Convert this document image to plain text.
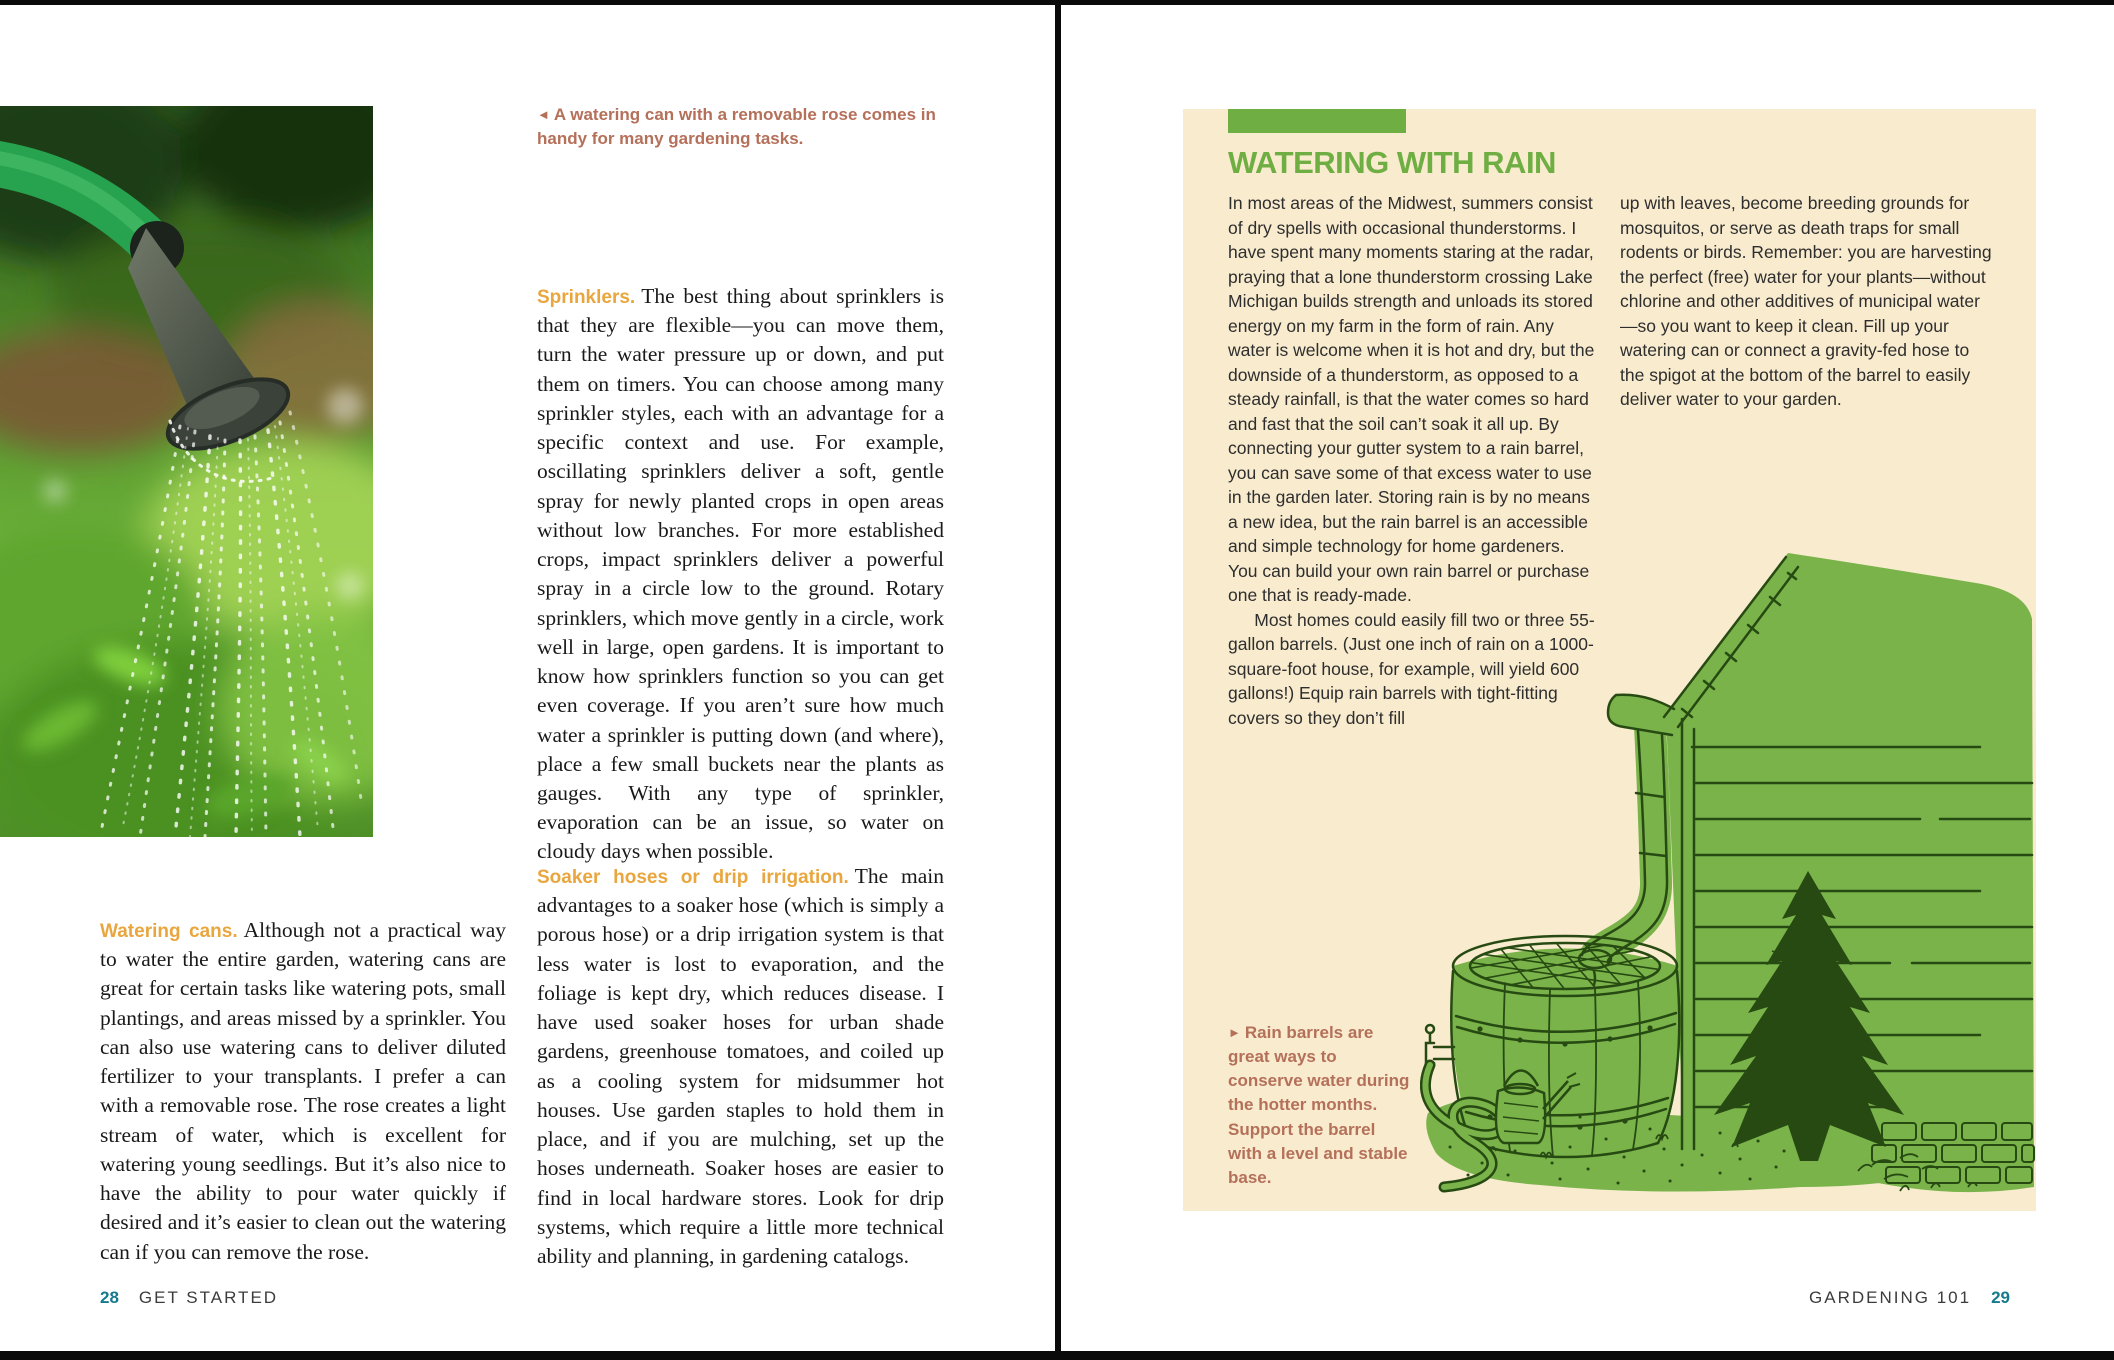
◄ A watering can with a removable rose comes in handy for many gardening tasks.

Sprinklers. The best thing about sprinklers is that they are flexible—you can move them, turn the water pressure up or down, and put them on timers. You can choose among many sprinkler styles, each with an advantage for a specific context and use. For example, oscillating sprinklers deliver a soft, gentle spray for newly planted crops in open areas without low branches. For more established crops, impact sprinklers deliver a powerful spray in a circle low to the ground. Rotary sprinklers, which move gently in a circle, work well in large, open gardens. It is important to know how sprinklers function so you can get even coverage. If you aren’t sure how much water a sprinkler is putting down (and where), place a few small buckets near the plants as gauges. With any type of sprinkler, evaporation can be an issue, so water on cloudy days when possible.

Soaker hoses or drip irrigation. The main advantages to a soaker hose (which is simply a porous hose) or a drip irrigation system is that less water is lost to evaporation, and the foliage is kept dry, which reduces disease. I have used soaker hoses for urban shade gardens, greenhouse tomatoes, and coiled up as a cooling system for midsummer hot houses. Use garden staples to hold them in place, and if you are mulching, set up the hoses underneath. Soaker hoses are easier to find in local hardware stores. Look for drip systems, which require a little more technical ability and planning, in gardening catalogs.

Watering cans. Although not a practical way to water the entire garden, watering cans are great for certain tasks like watering pots, small plantings, and areas missed by a sprinkler. You can also use watering cans to deliver diluted fertilizer to your transplants. I prefer a can with a removable rose. The rose creates a light stream of water, which is excellent for watering young seedlings. But it’s also nice to have the ability to pour water quickly if desired and it’s easier to clean out the watering can if you can remove the rose.

28 GET STARTED
WATERING WITH RAIN

In most areas of the Midwest, summers consist of dry spells with occasional thunderstorms. I have spent many moments staring at the radar, praying that a lone thunderstorm crossing Lake Michigan builds strength and unloads its stored energy on my farm in the form of rain. Any water is welcome when it is hot and dry, but the downside of a thunderstorm, as opposed to a steady rainfall, is that the water comes so hard and fast that the soil can’t soak it all up. By connecting your gutter system to a rain barrel, you can save some of that excess water to use in the garden later. Storing rain is by no means a new idea, but the rain barrel is an accessible and simple technology for home gardeners. You can build your own rain barrel or purchase one that is ready-made.

Most homes could easily fill two or three 55-gallon barrels. (Just one inch of rain on a 1000-square-foot house, for example, will yield 600 gallons!) Equip rain barrels with tight-fitting covers so they don’t fill

up with leaves, become breeding grounds for mosquitos, or serve as death traps for small rodents or birds. Remember: you are harvesting the perfect (free) water for your plants—without chlorine and other additives of municipal water—so you want to keep it clean. Fill up your watering can or connect a gravity-fed hose to the spigot at the bottom of the barrel to easily deliver water to your garden.

► Rain barrels are great ways to conserve water during the hotter months. Support the barrel with a level and stable base.
GARDENING 101 29
